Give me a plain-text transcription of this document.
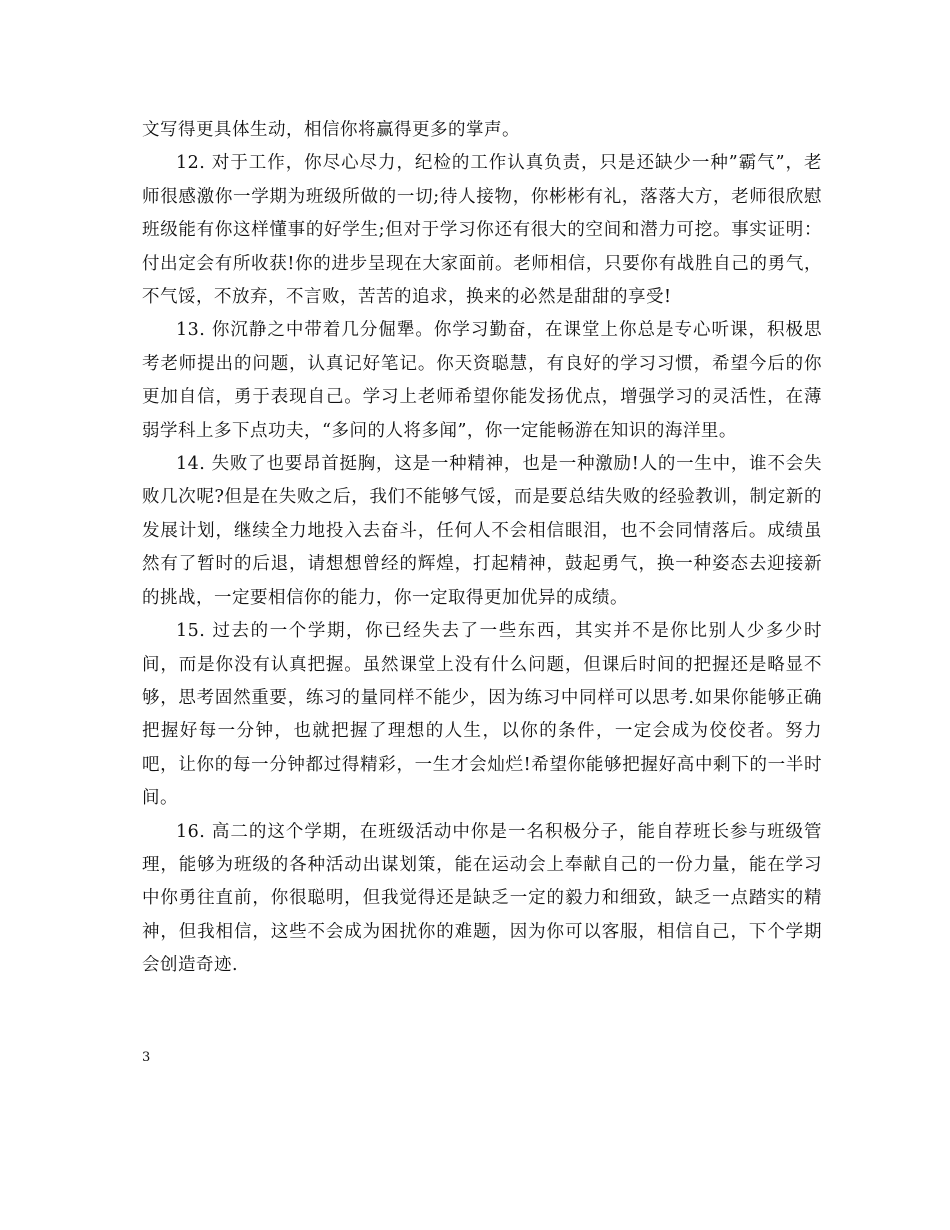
文写得更具体生动，相信你将赢得更多的掌声。

12. 对于工作，你尽心尽力，纪检的工作认真负责，只是还缺少一种”霸气”，老师很感激你一学期为班级所做的一切;待人接物，你彬彬有礼，落落大方，老师很欣慰班级能有你这样懂事的好学生;但对于学习你还有很大的空间和潜力可挖。事实证明：付出定会有所收获!你的进步呈现在大家面前。老师相信，只要你有战胜自己的勇气，不气馁，不放弃，不言败，苦苦的追求，换来的必然是甜甜的享受!

13. 你沉静之中带着几分倔犟。你学习勤奋，在课堂上你总是专心听课，积极思考老师提出的问题，认真记好笔记。你天资聪慧，有良好的学习习惯，希望今后的你更加自信，勇于表现自己。学习上老师希望你能发扬优点，增强学习的灵活性，在薄弱学科上多下点功夫，“多问的人将多闻”，你一定能畅游在知识的海洋里。

14. 失败了也要昂首挺胸，这是一种精神，也是一种激励!人的一生中，谁不会失败几次呢?但是在失败之后，我们不能够气馁，而是要总结失败的经验教训，制定新的发展计划，继续全力地投入去奋斗，任何人不会相信眼泪，也不会同情落后。成绩虽然有了暂时的后退，请想想曾经的辉煌，打起精神，鼓起勇气，换一种姿态去迎接新的挑战，一定要相信你的能力，你一定取得更加优异的成绩。

15. 过去的一个学期，你已经失去了一些东西，其实并不是你比别人少多少时间，而是你没有认真把握。虽然课堂上没有什么问题，但课后时间的把握还是略显不够，思考固然重要，练习的量同样不能少，因为练习中同样可以思考.如果你能够正确把握好每一分钟，也就把握了理想的人生，以你的条件，一定会成为佼佼者。努力吧，让你的每一分钟都过得精彩，一生才会灿烂!希望你能够把握好高中剩下的一半时间。

16. 高二的这个学期，在班级活动中你是一名积极分子，能自荐班长参与班级管理，能够为班级的各种活动出谋划策，能在运动会上奉献自己的一份力量，能在学习中你勇往直前，你很聪明，但我觉得还是缺乏一定的毅力和细致，缺乏一点踏实的精神，但我相信，这些不会成为困扰你的难题，因为你可以客服，相信自己，下个学期会创造奇迹.

3
